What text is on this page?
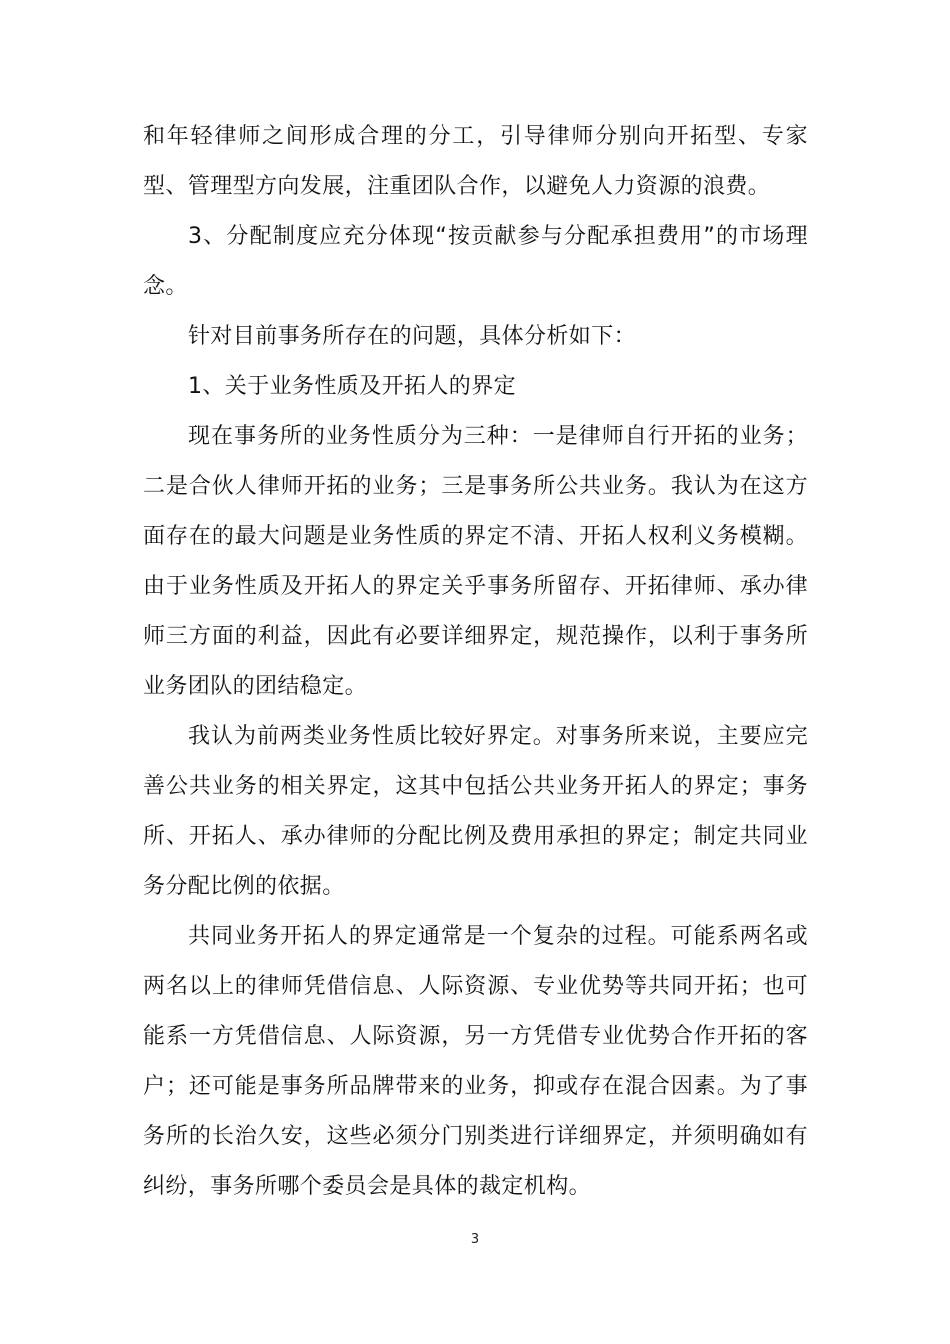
和年轻律师之间形成合理的分工，引导律师分别向开拓型、专家型、管理型方向发展，注重团队合作，以避免人力资源的浪费。

3、分配制度应充分体现“按贡献参与分配承担费用”的市场理念。

针对目前事务所存在的问题，具体分析如下：

1、关于业务性质及开拓人的界定

现在事务所的业务性质分为三种：一是律师自行开拓的业务；二是合伙人律师开拓的业务；三是事务所公共业务。我认为在这方面存在的最大问题是业务性质的界定不清、开拓人权利义务模糊。由于业务性质及开拓人的界定关乎事务所留存、开拓律师、承办律师三方面的利益，因此有必要详细界定，规范操作，以利于事务所业务团队的团结稳定。

我认为前两类业务性质比较好界定。对事务所来说，主要应完善公共业务的相关界定，这其中包括公共业务开拓人的界定；事务所、开拓人、承办律师的分配比例及费用承担的界定；制定共同业务分配比例的依据。

共同业务开拓人的界定通常是一个复杂的过程。可能系两名或两名以上的律师凭借信息、人际资源、专业优势等共同开拓；也可能系一方凭借信息、人际资源，另一方凭借专业优势合作开拓的客户；还可能是事务所品牌带来的业务，抑或存在混合因素。为了事务所的长治久安，这些必须分门别类进行详细界定，并须明确如有纠纷，事务所哪个委员会是具体的裁定机构。

3
